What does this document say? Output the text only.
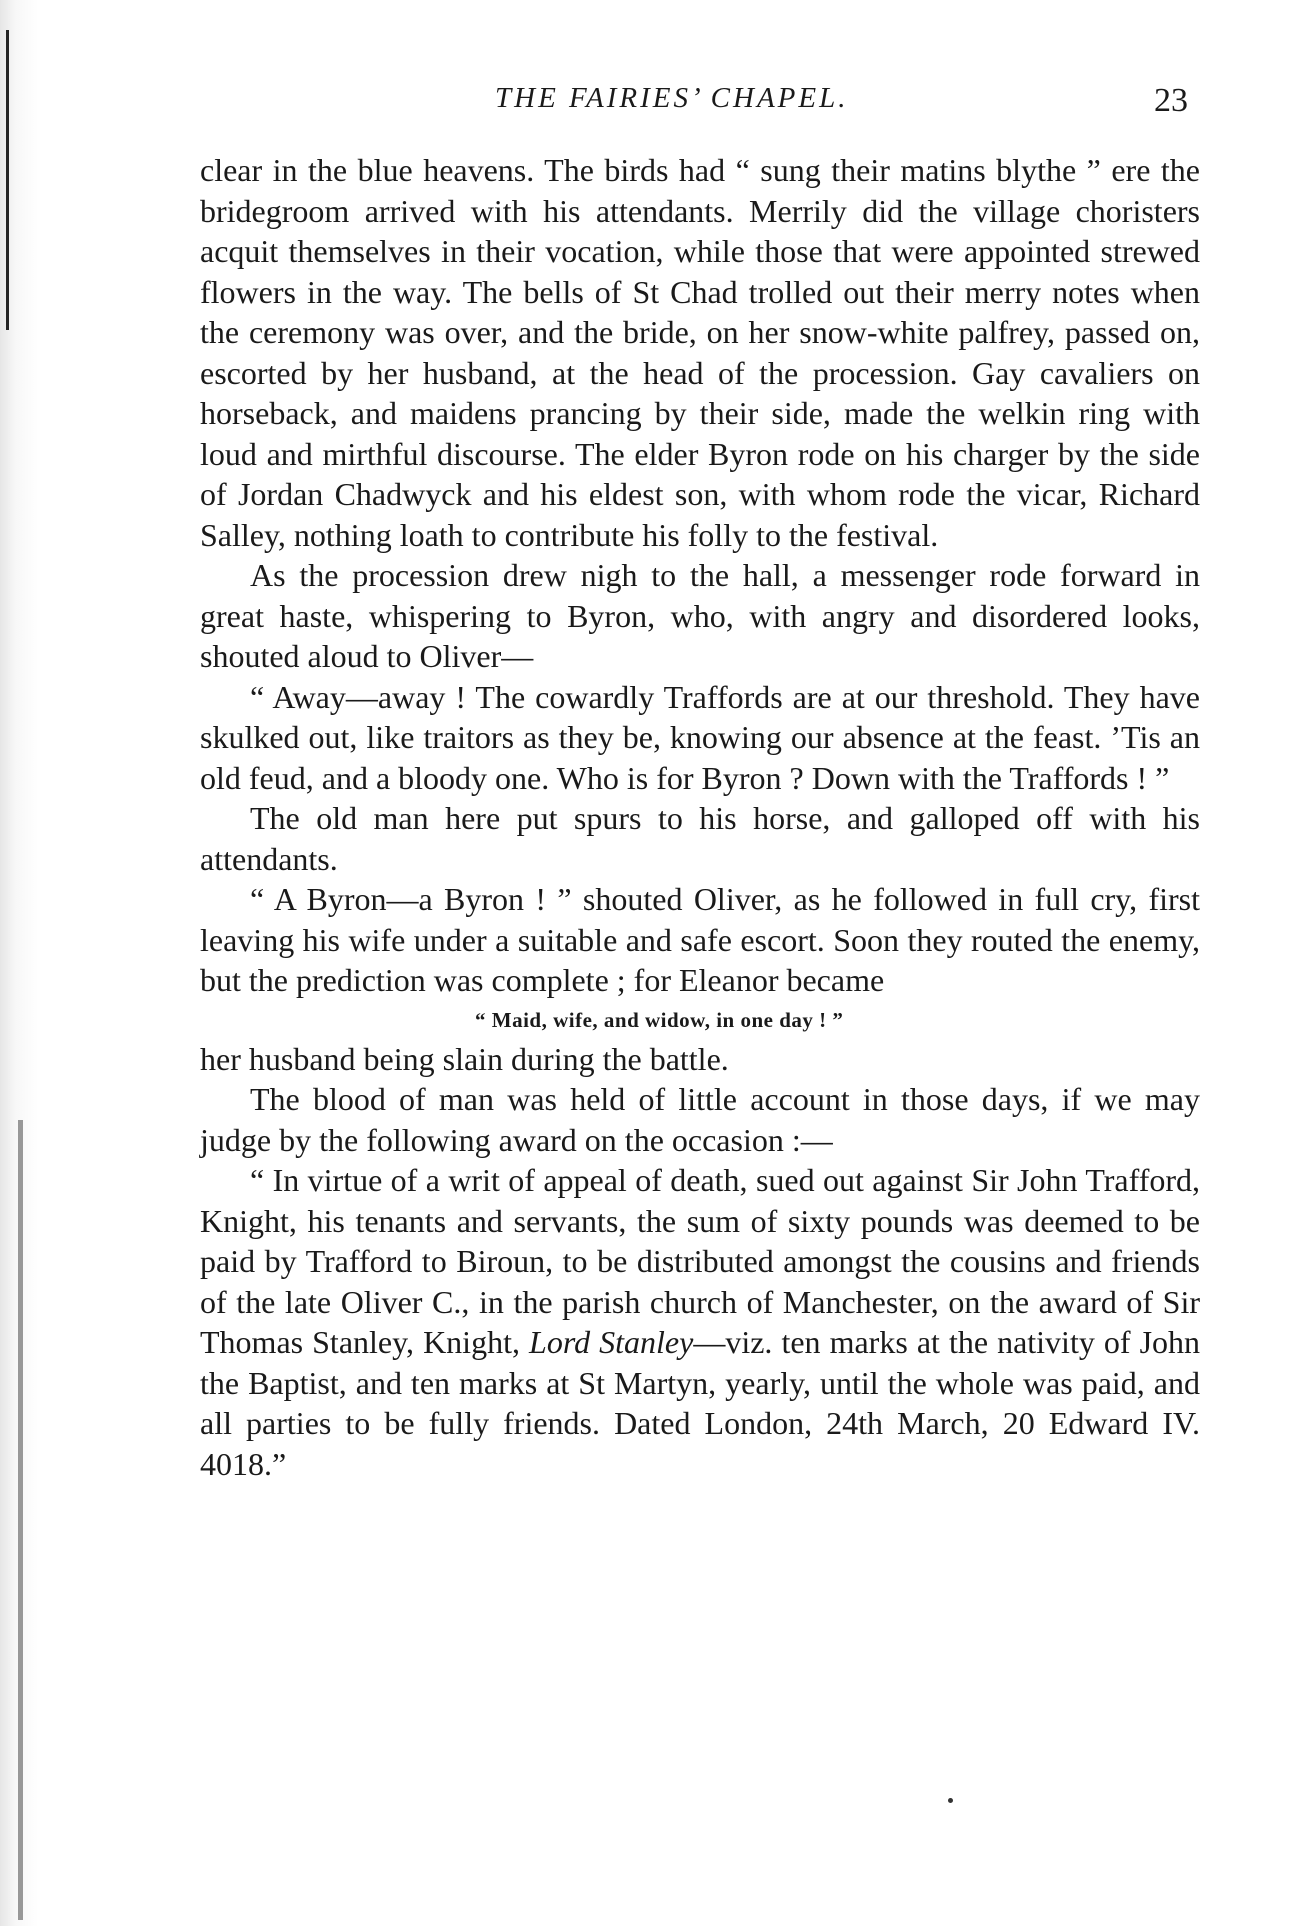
THE FAIRIES’ CHAPEL.	23

clear in the blue heavens. The birds had “ sung their matins blythe ” ere the bridegroom arrived with his attendants. Merrily did the village choristers acquit themselves in their vocation, while those that were appointed strewed flowers in the way. The bells of St Chad trolled out their merry notes when the ceremony was over, and the bride, on her snow-white palfrey, passed on, escorted by her husband, at the head of the procession. Gay cavaliers on horseback, and maidens prancing by their side, made the welkin ring with loud and mirthful discourse. The elder Byron rode on his charger by the side of Jordan Chadwyck and his eldest son, with whom rode the vicar, Richard Salley, nothing loath to contribute his folly to the festival.

As the procession drew nigh to the hall, a messenger rode forward in great haste, whispering to Byron, who, with angry and disordered looks, shouted aloud to Oliver—

“ Away—away ! The cowardly Traffords are at our threshold. They have skulked out, like traitors as they be, knowing our absence at the feast. ’Tis an old feud, and a bloody one. Who is for Byron ? Down with the Traffords ! ”

The old man here put spurs to his horse, and galloped off with his attendants.

“ A Byron—a Byron ! ” shouted Oliver, as he followed in full cry, first leaving his wife under a suitable and safe escort. Soon they routed the enemy, but the prediction was complete ; for Eleanor became

“ Maid, wife, and widow, in one day ! ”

her husband being slain during the battle.

The blood of man was held of little account in those days, if we may judge by the following award on the occasion :—

“ In virtue of a writ of appeal of death, sued out against Sir John Trafford, Knight, his tenants and servants, the sum of sixty pounds was deemed to be paid by Trafford to Biroun, to be distributed amongst the cousins and friends of the late Oliver C., in the parish church of Manchester, on the award of Sir Thomas Stanley, Knight, Lord Stanley—viz. ten marks at the nativity of John the Baptist, and ten marks at St Martyn, yearly, until the whole was paid, and all parties to be fully friends. Dated London, 24th March, 20 Edward IV. 4018.”
